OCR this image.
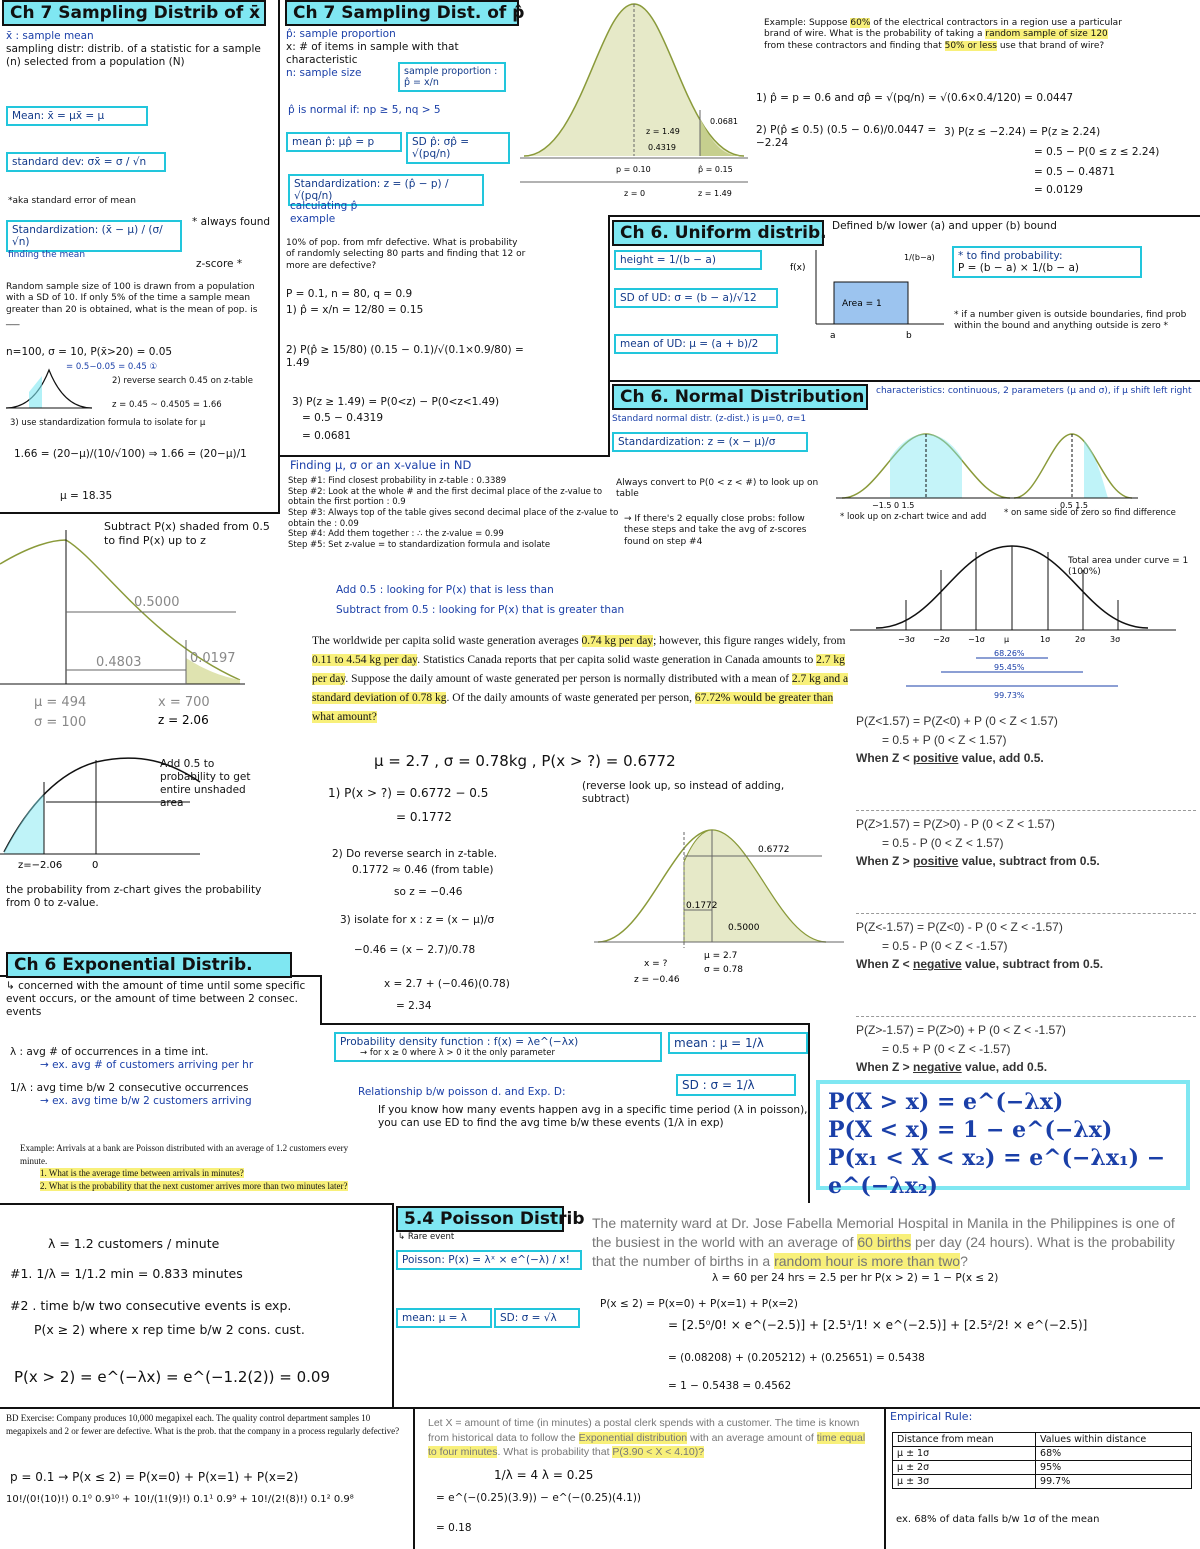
Ch 7 Sampling Distrib of x̄
x̄ : sample mean
sampling distr: distrib. of a statistic for a sample (n) selected from a population (N)
Mean: x̄ = μx̄ = μ
standard dev: σx̄ = σ / √n
*aka standard error of mean
Standardization: (x̄ − μ) / (σ/√n)
finding the mean
* always found
z-score *
Random sample size of 100 is drawn from a population with a SD of 10. If only 5% of the time a sample mean greater than 20 is obtained, what is the mean of pop. is ___
n=100, σ = 10, P(x̄>20) = 0.05
= 0.5−0.05 = 0.45 ①
2) reverse search 0.45 on z-table
z = 0.45 ~ 0.4505 = 1.66
3) use standardization formula to isolate for μ
1.66 = (20−μ)/(10/√100) ⇒ 1.66 = (20−μ)/1
μ = 18.35
Ch 7 Sampling Dist. of p̂
p̂: sample proportion
x: # of items in sample with that characteristic
n: sample size	sample proportion : p̂ = x/n
p̂ is normal if: np ≥ 5, nq > 5
mean p̂: μp̂ = p	SD p̂: σp̂ = √(pq/n)
Standardization: z = (p̂ − p) / √(pq/n)
calculating p̂ example
10% of pop. from mfr defective. What is probability of randomly selecting 80 parts and finding that 12 or more are defective?
P = 0.1, n = 80, q = 0.9
1) p̂ = x/n = 12/80 = 0.15
2) P(p̂ ≥ 15/80) (0.15 − 0.1)/√(0.1×0.9/80) = 1.49
3) P(z ≥ 1.49) = P(0<z) − P(0<z<1.49)
= 0.5 − 0.4319
= 0.0681
z = 1.49
0.4319
0.0681
p = 0.10	p̂ = 0.15
z = 0	z = 1.49
Example: Suppose 60% of the electrical contractors in a region use a particular brand of wire. What is the probability of taking a random sample of size 120 from these contractors and finding that 50% or less use that brand of wire?
1) p̂ = p = 0.6 and σp̂ = √(pq/n) = √(0.6×0.4/120) = 0.0447
2) P(p̂ ≤ 0.5) (0.5 − 0.6)/0.0447 = −2.24
3) P(z ≤ −2.24) = P(z ≥ 2.24)
= 0.5 − P(0 ≤ z ≤ 2.24)
= 0.5 − 0.4871
= 0.0129
Ch 6. Uniform distrib. Defined b/w lower (a) and upper (b) bound
height = 1/(b − a)
SD of UD: σ = (b − a)/√12
mean of UD: μ = (a + b)/2
f(x)
Area = 1
a	b
1/(b−a) * to find probability:
P = (b − a) × 1/(b − a)
* if a number given is outside boundaries, find prob within the bound and anything outside is zero *
Ch 6. Normal Distribution	characteristics: continuous, 2 parameters (μ and σ), if μ shift left right
Standard normal distr. (z-dist.) is μ=0, σ=1
Standardization: z = (x − μ)/σ
Always convert to P(0 < z < #) to look up on table
→ If there's 2 equally close probs: follow these steps and take the avg of z-scores found on step #4
−1.5 0 1.5	0.5 1.5
* look up on z-chart twice and add	* on same side of zero so find difference
−3σ −2σ −1σ μ	1σ	2σ	3σ
68.26%
95.45%
99.73%
Total area under curve = 1 (100%)
Finding μ, σ or an x-value in ND
Step #1: Find closest probability in z-table : 0.3389
Step #2: Look at the whole # and the first decimal place of the z-value to obtain the first portion : 0.9
Step #3: Always top of the table gives second decimal place of the z-value to obtain the : 0.09
Step #4: Add them together : ∴ the z-value = 0.99
Step #5: Set z-value = to standardization formula and isolate
Add 0.5 : looking for P(x) that is less than
Subtract from 0.5 : looking for P(x) that is greater than
P(Z<1.57) = P(Z<0) + P (0 < Z < 1.57)
= 0.5 + P (0 < Z < 1.57)
When Z < positive value, add 0.5.
P(Z>1.57) = P(Z>0) - P (0 < Z < 1.57)
= 0.5 - P (0 < Z < 1.57)
When Z > positive value, subtract from 0.5.
P(Z<-1.57) = P(Z<0) - P (0 < Z < -1.57)
= 0.5 - P (0 < Z < -1.57)
When Z < negative value, subtract from 0.5.
P(Z>-1.57) = P(Z>0) + P (0 < Z < -1.57)
= 0.5 + P (0 < Z < -1.57)
When Z > negative value, add 0.5.
Subtract P(x) shaded from 0.5 to find P(x) up to z
0.5000
0.4803	0.0197
μ = 494
σ = 100
x = 700
z = 2.06
z=−2.06	0
Add 0.5 to probability to get entire unshaded area
the probability from z-chart gives the probability from 0 to z-value.
The worldwide per capita solid waste generation averages 0.74 kg per day; however, this figure ranges widely, from 0.11 to 4.54 kg per day. Statistics Canada reports that per capita solid waste generation in Canada amounts to 2.7 kg per day. Suppose the daily amount of waste generated per person is normally distributed with a mean of 2.7 kg and a standard deviation of 0.78 kg. Of the daily amounts of waste generated per person, 67.72% would be greater than what amount?
μ = 2.7 , σ = 0.78kg , P(x > ?) = 0.6772
1) P(x > ?) = 0.6772 − 0.5
= 0.1772
(reverse look up, so instead of adding, subtract)
2) Do reverse search in z-table.
0.1772 ≈ 0.46 (from table)
so z = −0.46
3) isolate for x : z = (x − μ)/σ
−0.46 = (x − 2.7)/0.78
x = 2.7 + (−0.46)(0.78)
= 2.34
0.6772
0.1772
0.5000
μ = 2.7
σ = 0.78
x = ?
z = −0.46
Ch 6 Exponential Distrib.
↳ concerned with the amount of time until some specific event occurs, or the amount of time between 2 consec. events
λ : avg # of occurrences in a time int.
→ ex. avg # of customers arriving per hr
1/λ : avg time b/w 2 consecutive occurrences
→ ex. avg time b/w 2 customers arriving
Probability density function : f(x) = λe^(−λx)
→ for x ≥ 0 where λ > 0 it the only parameter
mean : μ = 1/λ
SD : σ = 1/λ
Relationship b/w poisson d. and Exp. D:
If you know how many events happen avg in a specific time period (λ in poisson), you can use ED to find the avg time b/w these events (1/λ in exp)
P(X > x) = e^(−λx)
P(X < x) = 1 − e^(−λx)
P(x₁ < X < x₂) = e^(−λx₁) − e^(−λx₂)
Example: Arrivals at a bank are Poisson distributed with an average of 1.2 customers every minute.
1. What is the average time between arrivals in minutes?
2. What is the probability that the next customer arrives more than two minutes later?
λ = 1.2 customers / minute
#1. 1/λ = 1/1.2 min = 0.833 minutes
#2 . time b/w two consecutive events is exp.
P(x ≥ 2) where x rep time b/w 2 cons. cust.
P(x > 2) = e^(−λx) = e^(−1.2(2)) = 0.09
5.4 Poisson Distrib
↳ Rare event
Poisson: P(x) = λˣ × e^(−λ) / x!
mean: μ = λ	SD: σ = √λ
The maternity ward at Dr. Jose Fabella Memorial Hospital in Manila in the Philippines is one of the busiest in the world with an average of 60 births per day (24 hours). What is the probability that the number of births in a random hour is more than two?
λ = 60 per 24 hrs = 2.5 per hr P(x > 2) = 1 − P(x ≤ 2)
P(x ≤ 2) = P(x=0) + P(x=1) + P(x=2)
= [2.5⁰/0! × e^(−2.5)] + [2.5¹/1! × e^(−2.5)] + [2.5²/2! × e^(−2.5)]
= (0.08208) + (0.205212) + (0.25651) = 0.5438
= 1 − 0.5438 = 0.4562
BD Exercise: Company produces 10,000 megapixel each. The quality control department samples 10 megapixels and 2 or fewer are defective. What is the prob. that the company in a process regularly defective?
p = 0.1 → P(x ≤ 2) = P(x=0) + P(x=1) + P(x=2)
10!/(0!(10)!) 0.1⁰ 0.9¹⁰ + 10!/(1!(9)!) 0.1¹ 0.9⁹ + 10!/(2!(8)!) 0.1² 0.9⁸
Let X = amount of time (in minutes) a postal clerk spends with a customer. The time is known from historical data to follow the Exponential distribution with an average amount of time equal to four minutes. What is probability that P(3.90 < X < 4.10)?
1/λ = 4 λ = 0.25
= e^(−(0.25)(3.9)) − e^(−(0.25)(4.1))
= 0.18
Empirical Rule:
Distance from mean	Values within distance
μ ± 1σ	68%
μ ± 2σ	95%
μ ± 3σ	99.7%
ex. 68% of data falls b/w 1σ of the mean
